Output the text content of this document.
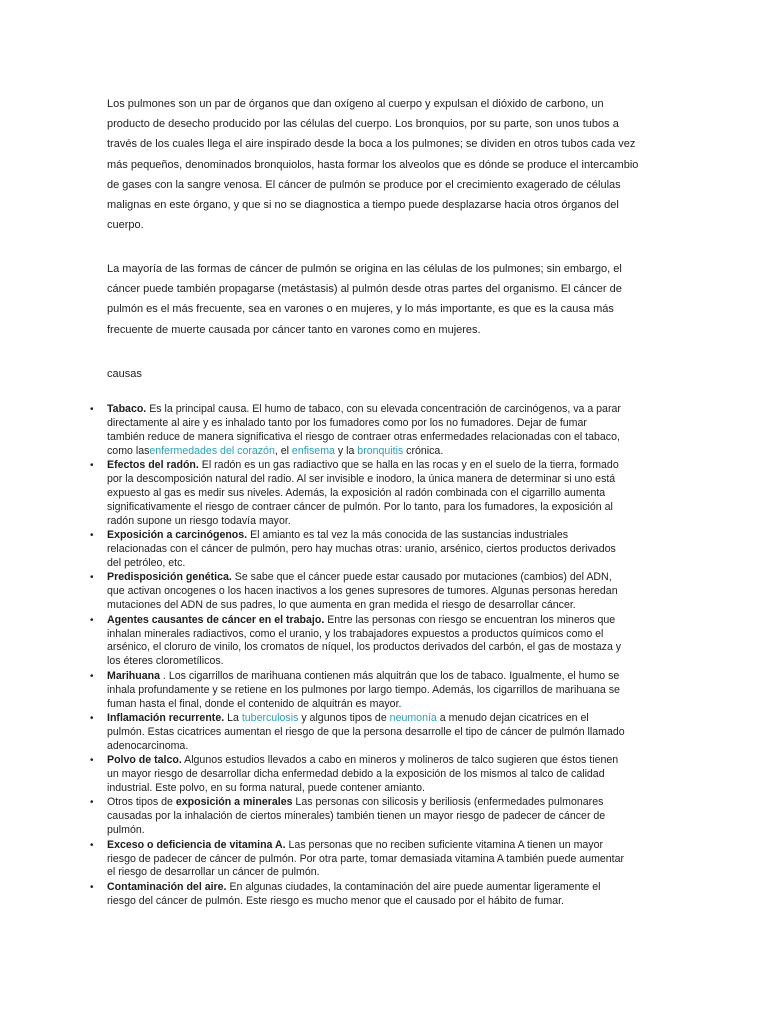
Los pulmones son un par de órganos que dan oxígeno al cuerpo y expulsan el dióxido de carbono, un
producto de desecho producido por las células del cuerpo. Los bronquios, por su parte, son unos tubos a
través de los cuales llega el aire inspirado desde la boca a los pulmones; se dividen en otros tubos cada vez
más pequeños, denominados bronquiolos, hasta formar los alveolos que es dónde se produce el intercambio
de gases con la sangre venosa. El cáncer de pulmón se produce por el crecimiento exagerado de células
malignas en este órgano, y que si no se diagnostica a tiempo puede desplazarse hacia otros órganos del
cuerpo.

La mayoría de las formas de cáncer de pulmón se origina en las células de los pulmones; sin embargo, el
cáncer puede también propagarse (metástasis) al pulmón desde otras partes del organismo. El cáncer de
pulmón es el más frecuente, sea en varones o en mujeres, y lo más importante, es que es la causa más
frecuente de muerte causada por cáncer tanto en varones como en mujeres.

causas

• Tabaco. Es la principal causa. El humo de tabaco, con su elevada concentración de carcinógenos, va a parar
directamente al aire y es inhalado tanto por los fumadores como por los no fumadores. Dejar de fumar
también reduce de manera significativa el riesgo de contraer otras enfermedades relacionadas con el tabaco,
como lasenfermedades del corazón, el enfisema y la bronquitis crónica.
• Efectos del radón. El radón es un gas radiactivo que se halla en las rocas y en el suelo de la tierra, formado
por la descomposición natural del radio. Al ser invisible e inodoro, la única manera de determinar si uno está
expuesto al gas es medir sus niveles. Además, la exposición al radón combinada con el cigarrillo aumenta
significativamente el riesgo de contraer cáncer de pulmón. Por lo tanto, para los fumadores, la exposición al
radón supone un riesgo todavía mayor.
• Exposición a carcinógenos. El amianto es tal vez la más conocida de las sustancias industriales
relacionadas con el cáncer de pulmón, pero hay muchas otras: uranio, arsénico, ciertos productos derivados
del petróleo, etc.
• Predisposición genética. Se sabe que el cáncer puede estar causado por mutaciones (cambios) del ADN,
que activan oncogenes o los hacen inactivos a los genes supresores de tumores. Algunas personas heredan
mutaciones del ADN de sus padres, lo que aumenta en gran medida el riesgo de desarrollar cáncer.
• Agentes causantes de cáncer en el trabajo. Entre las personas con riesgo se encuentran los mineros que
inhalan minerales radiactivos, como el uranio, y los trabajadores expuestos a productos químicos como el
arsénico, el cloruro de vinilo, los cromatos de níquel, los productos derivados del carbón, el gas de mostaza y
los éteres clorometílicos.
• Marihuana . Los cigarrillos de marihuana contienen más alquitrán que los de tabaco. Igualmente, el humo se
inhala profundamente y se retiene en los pulmones por largo tiempo. Además, los cigarrillos de marihuana se
fuman hasta el final, donde el contenido de alquitrán es mayor.
• Inflamación recurrente. La tuberculosis y algunos tipos de neumonía a menudo dejan cicatrices en el
pulmón. Estas cicatrices aumentan el riesgo de que la persona desarrolle el tipo de cáncer de pulmón llamado
adenocarcinoma.
• Polvo de talco. Algunos estudios llevados a cabo en mineros y molineros de talco sugieren que éstos tienen
un mayor riesgo de desarrollar dicha enfermedad debido a la exposición de los mismos al talco de calidad
industrial. Este polvo, en su forma natural, puede contener amianto.
• Otros tipos de exposición a minerales Las personas con silicosis y beriliosis (enfermedades pulmonares
causadas por la inhalación de ciertos minerales) también tienen un mayor riesgo de padecer de cáncer de
pulmón.
• Exceso o deficiencia de vitamina A. Las personas que no reciben suficiente vitamina A tienen un mayor
riesgo de padecer de cáncer de pulmón. Por otra parte, tomar demasiada vitamina A también puede aumentar
el riesgo de desarrollar un cáncer de pulmón.
• Contaminación del aire. En algunas ciudades, la contaminación del aire puede aumentar ligeramente el
riesgo del cáncer de pulmón. Este riesgo es mucho menor que el causado por el hábito de fumar.
